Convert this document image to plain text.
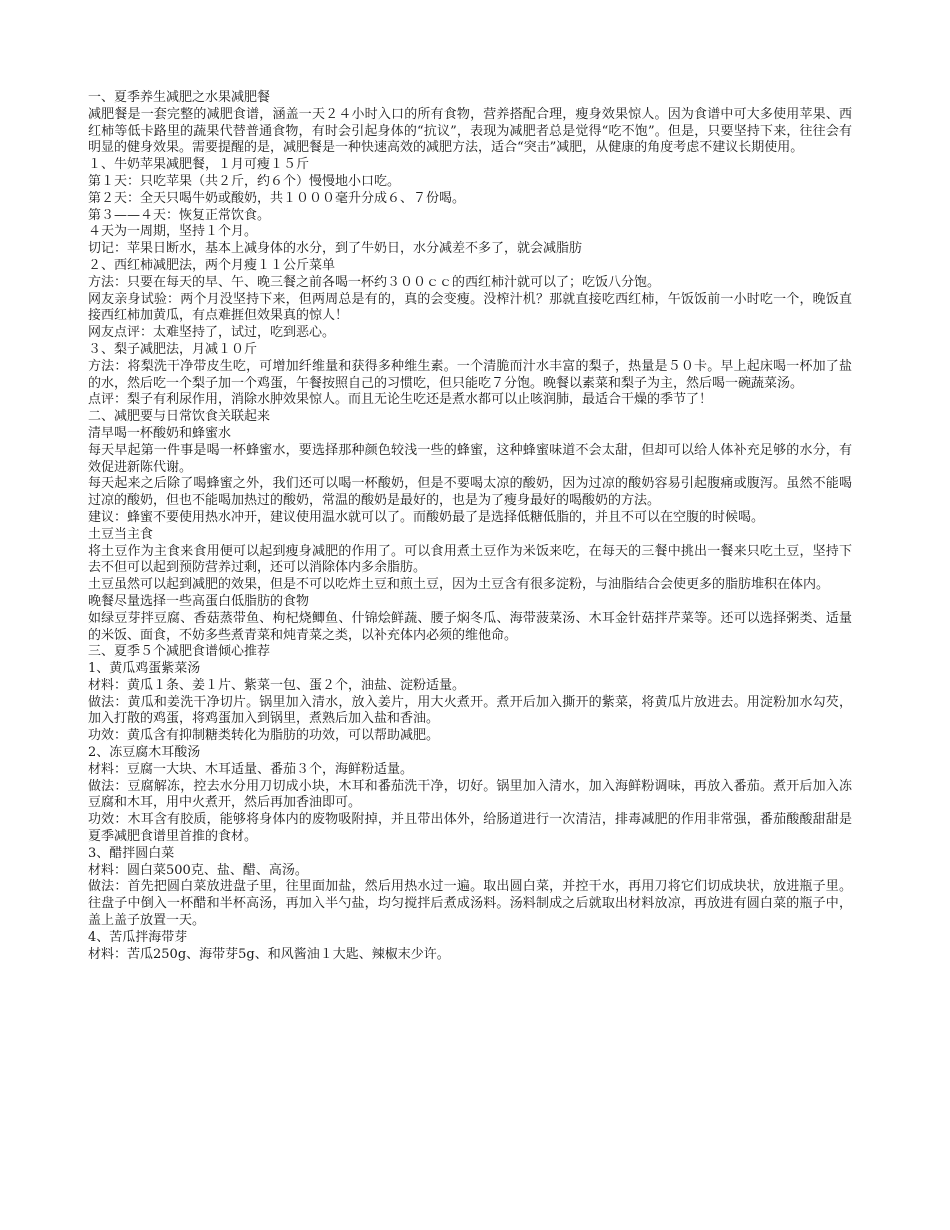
一、夏季养生减肥之水果减肥餐

减肥餐是一套完整的减肥食谱，涵盖一天２４小时入口的所有食物，营养搭配合理，瘦身效果惊人。因为食谱中可大多使用苹果、西红柿等低卡路里的蔬果代替普通食物，有时会引起身体的“抗议”，表现为减肥者总是觉得“吃不饱”。但是，只要坚持下来，往往会有明显的健身效果。需要提醒的是，减肥餐是一种快速高效的减肥方法，适合“突击”减肥，从健康的角度考虑不建议长期使用。

１、牛奶苹果减肥餐，１月可瘦１５斤

第１天：只吃苹果（共２斤，约６个）慢慢地小口吃。

第２天：全天只喝牛奶或酸奶，共１０００毫升分成６、７份喝。

第３——４天：恢复正常饮食。

４天为一周期，坚持１个月。

切记：苹果日断水，基本上减身体的水分，到了牛奶日，水分减差不多了，就会减脂肪

２、西红柿减肥法，两个月瘦１１公斤菜单

方法：只要在每天的早、午、晚三餐之前各喝一杯约３００ｃｃ的西红柿汁就可以了；吃饭八分饱。

网友亲身试验：两个月没坚持下来，但两周总是有的，真的会变瘦。没榨汁机？那就直接吃西红柿，午饭饭前一小时吃一个，晚饭直接西红柿加黄瓜，有点难捱但效果真的惊人！

网友点评：太难坚持了，试过，吃到恶心。

３、梨子减肥法，月减１０斤

方法：将梨洗干净带皮生吃，可增加纤维量和获得多种维生素。一个清脆而汁水丰富的梨子，热量是５０卡。早上起床喝一杯加了盐的水，然后吃一个梨子加一个鸡蛋，午餐按照自己的习惯吃，但只能吃７分饱。晚餐以素菜和梨子为主，然后喝一碗蔬菜汤。

点评：梨子有利尿作用，消除水肿效果惊人。而且无论生吃还是煮水都可以止咳润肺，最适合干燥的季节了！

二、减肥要与日常饮食关联起来

清早喝一杯酸奶和蜂蜜水

每天早起第一件事是喝一杯蜂蜜水，要选择那种颜色较浅一些的蜂蜜，这种蜂蜜味道不会太甜，但却可以给人体补充足够的水分，有效促进新陈代谢。

每天起来之后除了喝蜂蜜之外，我们还可以喝一杯酸奶，但是不要喝太凉的酸奶，因为过凉的酸奶容易引起腹痛或腹泻。虽然不能喝过凉的酸奶，但也不能喝加热过的酸奶，常温的酸奶是最好的，也是为了瘦身最好的喝酸奶的方法。

建议：蜂蜜不要使用热水冲开，建议使用温水就可以了。而酸奶最了是选择低糖低脂的，并且不可以在空腹的时候喝。

土豆当主食

将土豆作为主食来食用便可以起到瘦身减肥的作用了。可以食用煮土豆作为米饭来吃，在每天的三餐中挑出一餐来只吃土豆，坚持下去不但可以起到预防营养过剩，还可以消除体内多余脂肪。

土豆虽然可以起到减肥的效果，但是不可以吃炸土豆和煎土豆，因为土豆含有很多淀粉，与油脂结合会使更多的脂肪堆积在体内。

晚餐尽量选择一些高蛋白低脂肪的食物

如绿豆芽拌豆腐、香菇蒸带鱼、枸杞烧鲫鱼、什锦烩鲜蔬、腰子焖冬瓜、海带菠菜汤、木耳金针菇拌芹菜等。还可以选择粥类、适量的米饭、面食，不妨多些煮青菜和炖青菜之类，以补充体内必须的维他命。

三、夏季５个减肥食谱倾心推荐

1、黄瓜鸡蛋紫菜汤

材料：黄瓜１条、姜１片、紫菜一包、蛋２个，油盐、淀粉适量。

做法：黄瓜和姜洗干净切片。锅里加入清水，放入姜片，用大火煮开。煮开后加入撕开的紫菜，将黄瓜片放进去。用淀粉加水勾芡，加入打散的鸡蛋，将鸡蛋加入到锅里，煮熟后加入盐和香油。

功效：黄瓜含有抑制糖类转化为脂肪的功效，可以帮助减肥。

2、冻豆腐木耳酸汤

材料：豆腐一大块、木耳适量、番茄３个，海鲜粉适量。

做法：豆腐解冻，控去水分用刀切成小块，木耳和番茄洗干净，切好。锅里加入清水，加入海鲜粉调味，再放入番茄。煮开后加入冻豆腐和木耳，用中火煮开，然后再加香油即可。

功效：木耳含有胶质，能够将身体内的废物吸附掉，并且带出体外，给肠道进行一次清洁，排毒减肥的作用非常强，番茄酸酸甜甜是夏季减肥食谱里首推的食材。

3、醋拌圆白菜

材料：圆白菜500克、盐、醋、高汤。

做法：首先把圆白菜放进盘子里，往里面加盐，然后用热水过一遍。取出圆白菜，并控干水，再用刀将它们切成块状，放进瓶子里。往盘子中倒入一杯醋和半杯高汤，再加入半勺盐，均匀搅拌后煮成汤料。汤料制成之后就取出材料放凉，再放进有圆白菜的瓶子中，盖上盖子放置一天。

4、苦瓜拌海带芽

材料：苦瓜250g、海带芽5g、和风酱油１大匙、辣椒末少许。
